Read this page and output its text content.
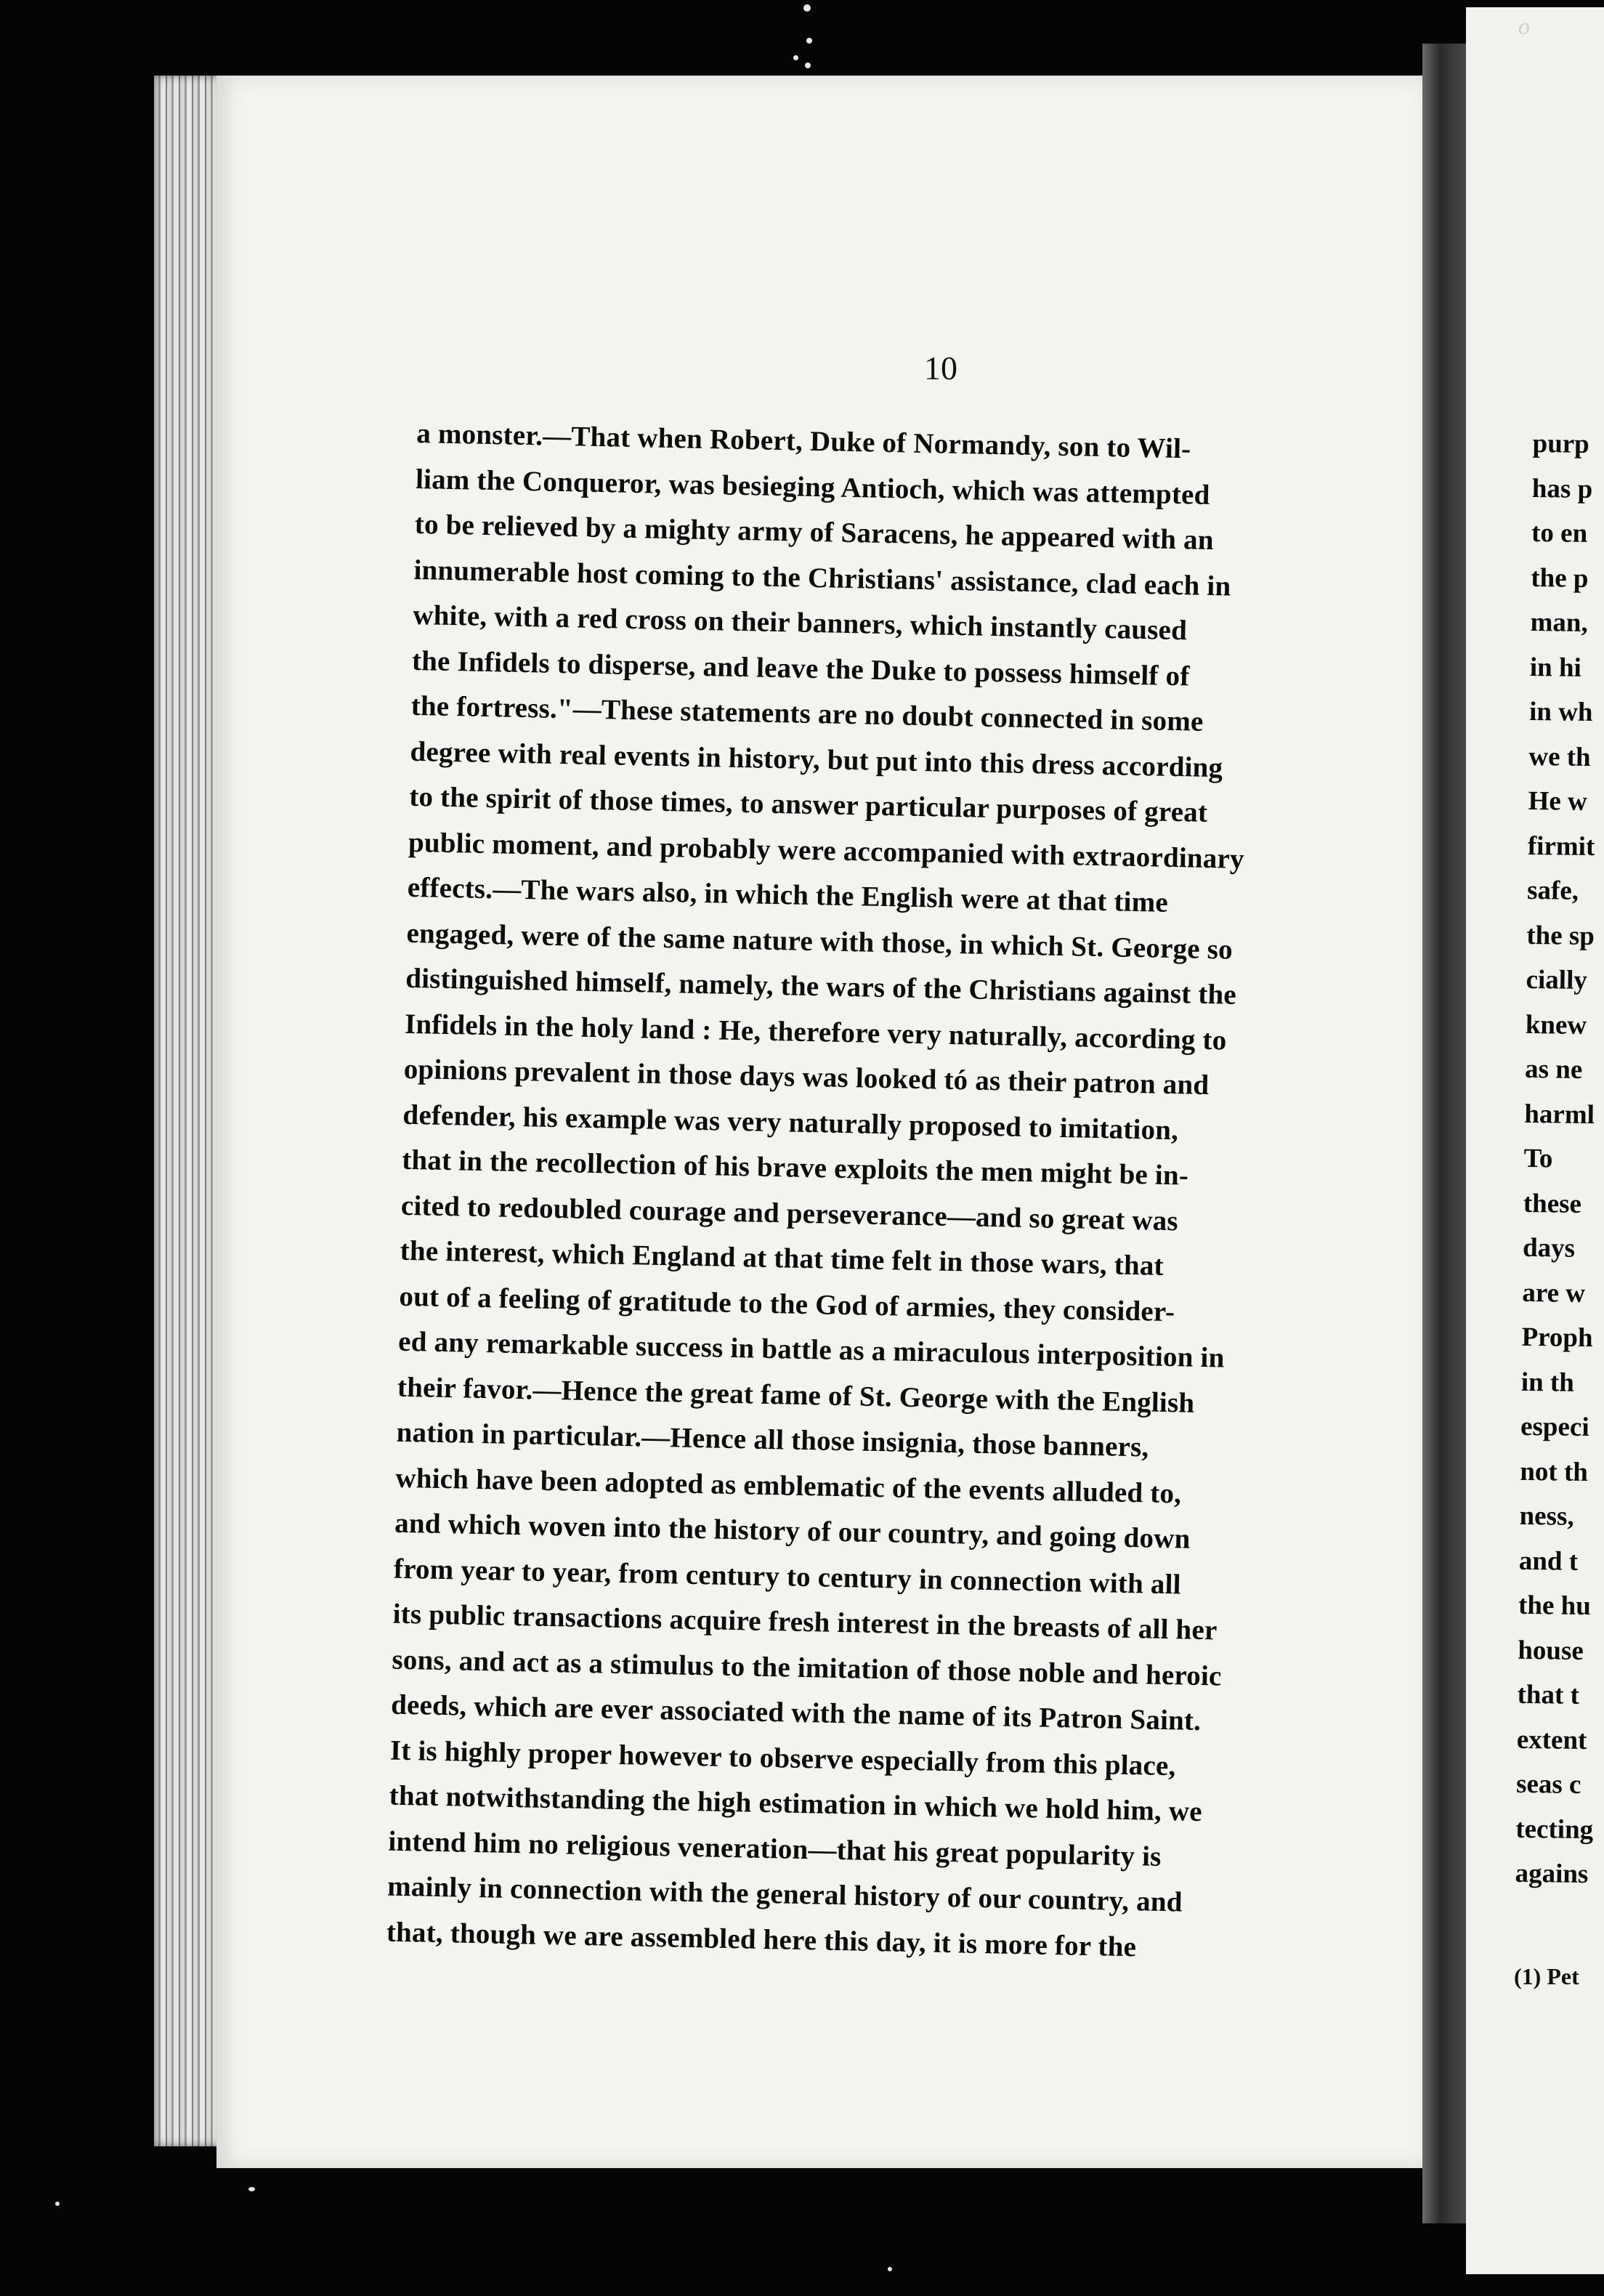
purp
has p
to en
the p
man,
in hi
in wh
we th
He w
firmit
safe,
the sp
cially
knew
as ne
harml
To
these
days
are w
Proph
in th
especi
not th
ness,
and t
the hu
house
that t
extent
seas c
tecting
agains
(1) Pet
10
a monster.—That when Robert, Duke of Normandy, son to Wil-
liam the Conqueror, was besieging Antioch, which was attempted
to be relieved by a mighty army of Saracens, he appeared with an
innumerable host coming to the Christians' assistance, clad each in
white, with a red cross on their banners, which instantly caused
the Infidels to disperse, and leave the Duke to possess himself of
the fortress."—These statements are no doubt connected in some
degree with real events in history, but put into this dress according
to the spirit of those times, to answer particular purposes of great
public moment, and probably were accompanied with extraordinary
effects.—The wars also, in which the English were at that time
engaged, were of the same nature with those, in which St. George so
distinguished himself, namely, the wars of the Christians against the
Infidels in the holy land : He, therefore very naturally, according to
opinions prevalent in those days was looked tó as their patron and
defender, his example was very naturally proposed to imitation,
that in the recollection of his brave exploits the men might be in-
cited to redoubled courage and perseverance—and so great was
the interest, which England at that time felt in those wars, that
out of a feeling of gratitude to the God of armies, they consider-
ed any remarkable success in battle as a miraculous interposition in
their favor.—Hence the great fame of St. George with the English
nation in particular.—Hence all those insignia, those banners,
which have been adopted as emblematic of the events alluded to,
and which woven into the history of our country, and going down
from year to year, from century to century in connection with all
its public transactions acquire fresh interest in the breasts of all her
sons, and act as a stimulus to the imitation of those noble and heroic
deeds, which are ever associated with the name of its Patron Saint.
It is highly proper however to observe especially from this place,
that notwithstanding the high estimation in which we hold him, we
intend him no religious veneration—that his great popularity is
mainly in connection with the general history of our country, and
that, though we are assembled here this day, it is more for the
o
